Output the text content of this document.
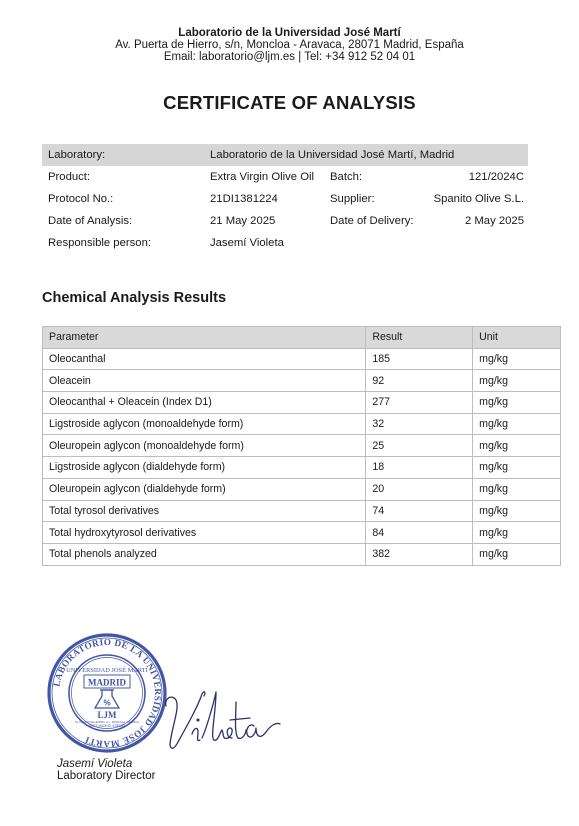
Laboratorio de la Universidad José Martí
Av. Puerta de Hierro, s/n, Moncloa - Aravaca, 28071 Madrid, España
Email: laboratorio@ljm.es | Tel: +34 912 52 04 01
CERTIFICATE OF ANALYSIS
Laboratory:	Laboratorio de la Universidad José Martí, Madrid
Product:	Extra Virgin Olive Oil Batch:	121/2024C
Protocol No.:	21DI1381224	Supplier:	Spanito Olive S.L.
Date of Analysis:	21 May 2025	Date of Delivery:	2 May 2025
Responsible person:	Jasemí Violeta
Chemical Analysis Results
Parameter	Result	Unit
Oleocanthal	185	mg/kg
Oleacein	92	mg/kg
Oleocanthal + Oleacein (Index D1)	277	mg/kg
Ligstroside aglycon (monoaldehyde form)	32	mg/kg
Oleuropein aglycon (monoaldehyde form)	25	mg/kg
Ligstroside aglycon (dialdehyde form)	18	mg/kg
Oleuropein aglycon (dialdehyde form)	20	mg/kg
Total tyrosol derivatives	74	mg/kg
Total hydroxytyrosol derivatives	84	mg/kg
Total phenols analyzed	382	mg/kg
LABORATORIO DE LA UNIVERSIDAD JOSÉ MARTÍ
UNIVERSIDAD JOSÉ MARTÍ
MADRID
%
LJM
AV. PUERTA DE HIERRO, s/n · MONCLOA - ARAVACA
28071 MADRID, ESPAÑA
Jasemí Violeta
Laboratory Director
